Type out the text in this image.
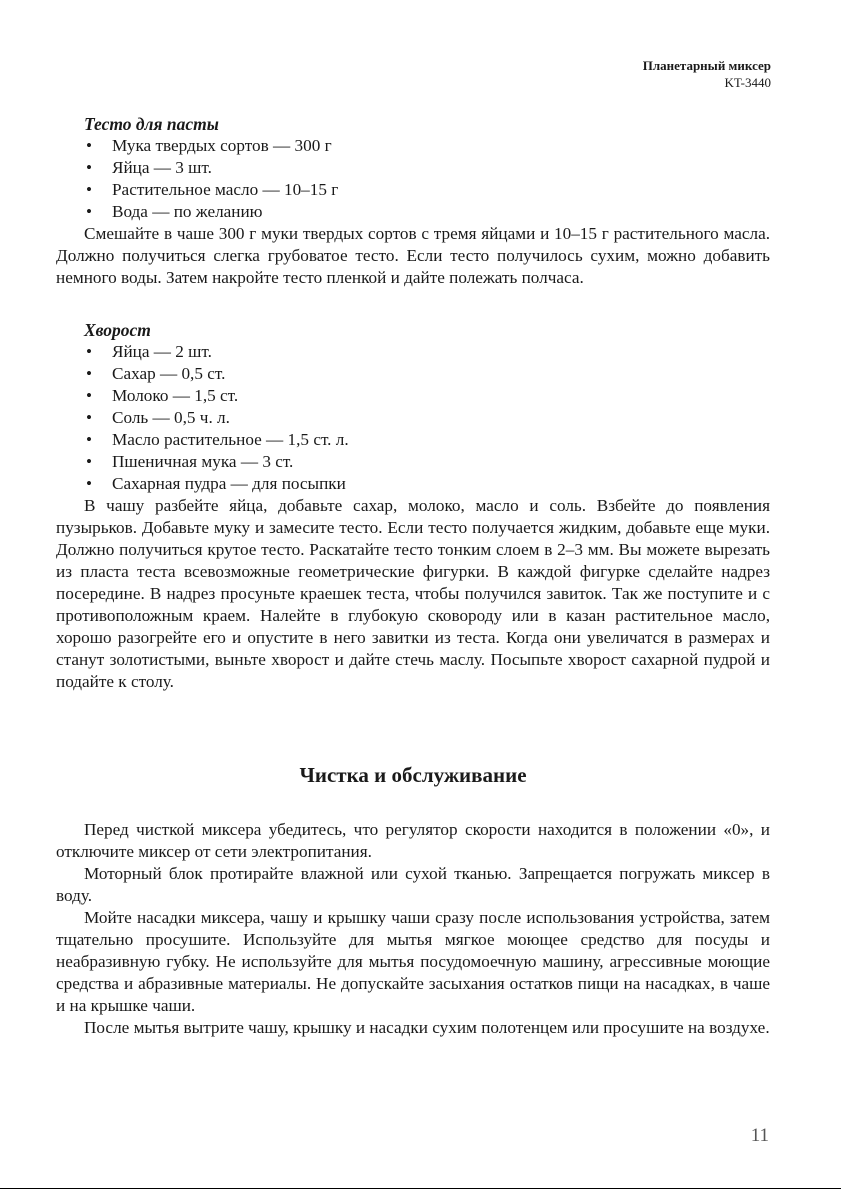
Планетарный миксер
KT-3440
Тесто для пасты
• Мука твердых сортов — 300 г
• Яйца — 3 шт.
• Растительное масло — 10–15 г
• Вода — по желанию

Смешайте в чаше 300 г муки твердых сортов с тремя яйцами и 10–15 г растительного масла. Должно получиться слегка грубоватое тесто. Если тесто получилось сухим, можно добавить немного воды. Затем накройте тесто пленкой и дайте полежать полчаса.

Хворост
• Яйца — 2 шт.
• Сахар — 0,5 ст.
• Молоко — 1,5 ст.
• Соль — 0,5 ч. л.
• Масло растительное — 1,5 ст. л.
• Пшеничная мука — 3 ст.
• Сахарная пудра — для посыпки

В чашу разбейте яйца, добавьте сахар, молоко, масло и соль. Взбейте до появления пузырьков. Добавьте муку и замесите тесто. Если тесто получается жидким, добавьте еще муки. Должно получиться крутое тесто. Раскатайте тесто тонким слоем в 2–3 мм. Вы можете вырезать из пласта теста всевозможные геометрические фигурки. В каждой фигурке сделайте надрез посередине. В надрез просуньте краешек теста, чтобы получился завиток. Так же поступите и с противоположным краем. Налейте в глубокую сковороду или в казан растительное масло, хорошо разогрейте его и опустите в него завитки из теста. Когда они увеличатся в размерах и станут золотистыми, выньте хворост и дайте стечь маслу. Посыпьте хворост сахарной пудрой и подайте к столу.

Чистка и обслуживание

Перед чисткой миксера убедитесь, что регулятор скорости находится в положении «0», и отключите миксер от сети электропитания.

Моторный блок протирайте влажной или сухой тканью. Запрещается погружать миксер в воду.

Мойте насадки миксера, чашу и крышку чаши сразу после использования устройства, затем тщательно просушите. Используйте для мытья мягкое моющее средство для посуды и неабразивную губку. Не используйте для мытья посудомоечную машину, агрессивные моющие средства и абразивные материалы. Не допускайте засыхания остатков пищи на насадках, в чаше и на крышке чаши.

После мытья вытрите чашу, крышку и насадки сухим полотенцем или просушите на воздухе.

11
